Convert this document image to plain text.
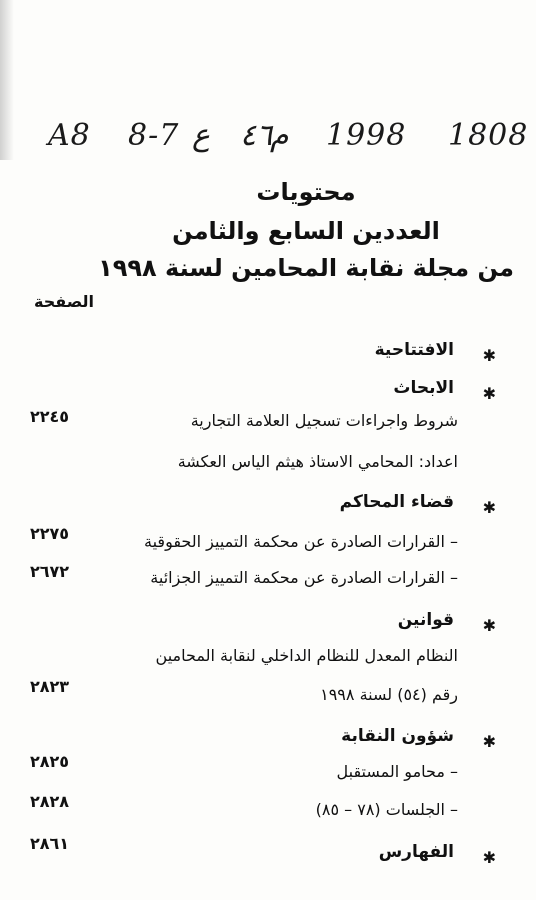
A8 8-7 ع ٤٦
م 1998 1808
محتويات
العددين السابع والثامن
من مجلة نقابة المحامين لسنة ١٩٩٨
الصفحة
الافتتاحية ✱
الابحاث ✱
شروط واجراءات تسجيل العلامة التجارية
٢٢٤٥
اعداد: المحامي الاستاذ هيثم الياس العكشة
قضاء المحاكم ✱
– القرارات الصادرة عن محكمة التمييز الحقوقية
٢٢٧٥
– القرارات الصادرة عن محكمة التمييز الجزائية
٢٦٧٢
قوانين ✱
النظام المعدل للنظام الداخلي لنقابة المحامين
رقم (٥٤) لسنة ١٩٩٨
٢٨٢٣
شؤون النقابة ✱
– محامو المستقبل
٢٨٢٥
– الجلسات (٧٨ – ٨٥)
٢٨٢٨
الفهارس ✱
٢٨٦١
